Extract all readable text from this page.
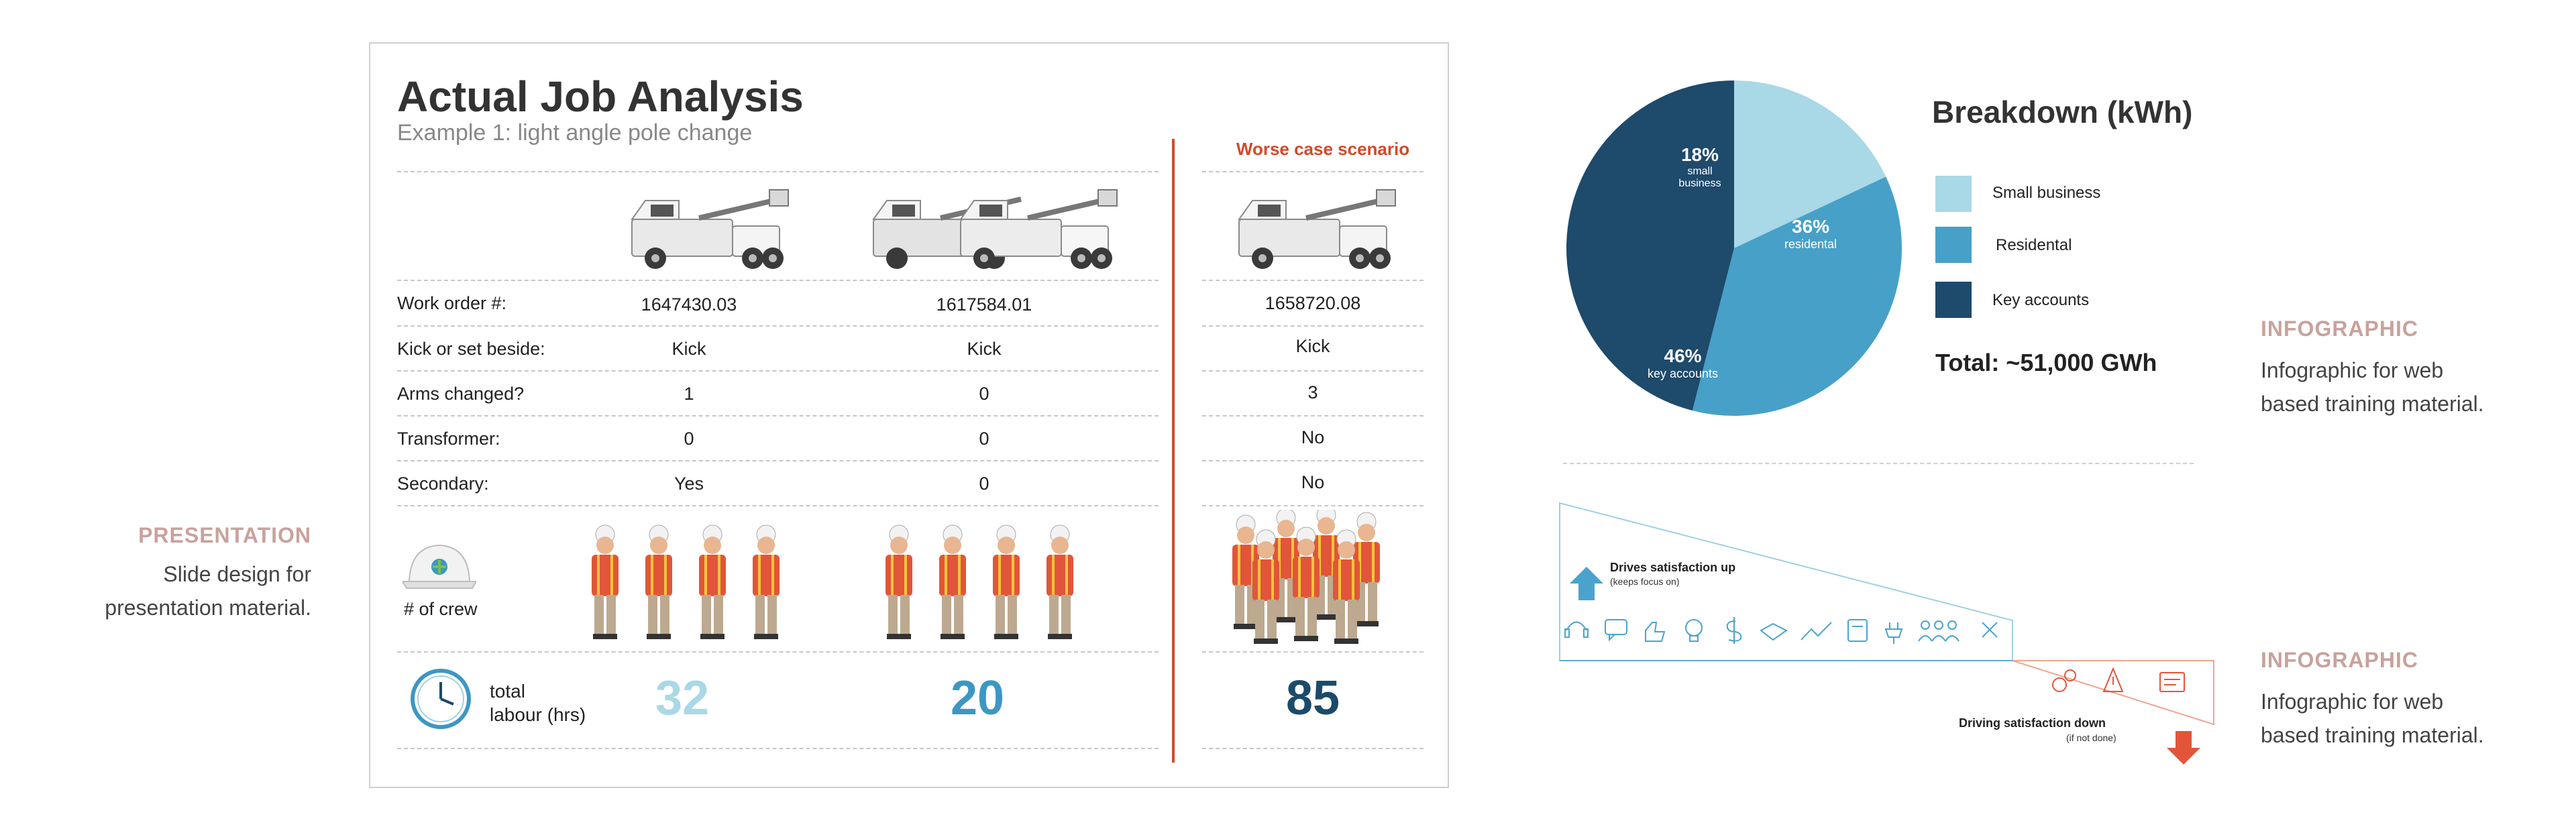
PRESENTATION
Slide design for
presentation material.
Actual Job Analysis
Example 1: light angle pole change
Worse case scenario
Work order #:	1647430.03	1617584.01	1658720.08
Kick or set beside:	Kick	Kick	Kick
Arms changed?	1	0	3
Transformer:	0	0	No
Secondary:	Yes	0	No
# of crew
total
labour (hrs)	32	20	85
18%
small business
36%
residental
46%
key accounts
Breakdown (kWh)
Small business
Residental
Key accounts
Total: ~51,000 GWh
INFOGRAPHIC
Infographic for web
based training material.
INFOGRAPHIC
Infographic for web
based training material.
Drives satisfaction up
(keeps focus on)
Driving satisfaction down
(if not done)
